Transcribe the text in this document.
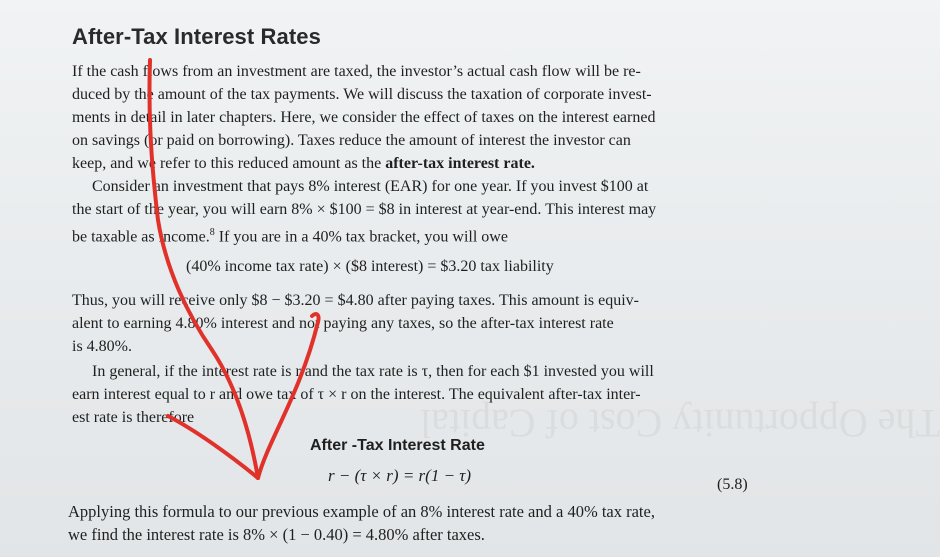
The Opportunity Cost of Capital
After-Tax Interest Rates
If the cash flows from an investment are taxed, the investor’s actual cash flow will be re-
duced by the amount of the tax payments. We will discuss the taxation of corporate invest-
ments in detail in later chapters. Here, we consider the effect of taxes on the interest earned
on savings (or paid on borrowing). Taxes reduce the amount of interest the investor can
keep, and we refer to this reduced amount as the after-tax interest rate.
Consider an investment that pays 8% interest (EAR) for one year. If you invest $100 at
the start of the year, you will earn 8% × $100 = $8 in interest at year-end. This interest may
be taxable as income.$^8$ If you are in a 40% tax bracket, you will owe
(40% income tax rate) × ($8 interest) = $3.20 tax liability
Thus, you will receive only $8 − $3.20 = $4.80 after paying taxes. This amount is equiv-
alent to earning 4.80% interest and not paying any taxes, so the after-tax interest rate
is 4.80%.
In general, if the interest rate is r and the tax rate is τ, then for each $1 invested you will
earn interest equal to r and owe tax of τ × r on the interest. The equivalent after-tax inter-
est rate is therefore
After -Tax Interest Rate
r − (τ × r) = r(1 − τ)	(5.8)
Applying this formula to our previous example of an 8% interest rate and a 40% tax rate,
we find the interest rate is 8% × (1 − 0.40) = 4.80% after taxes.
